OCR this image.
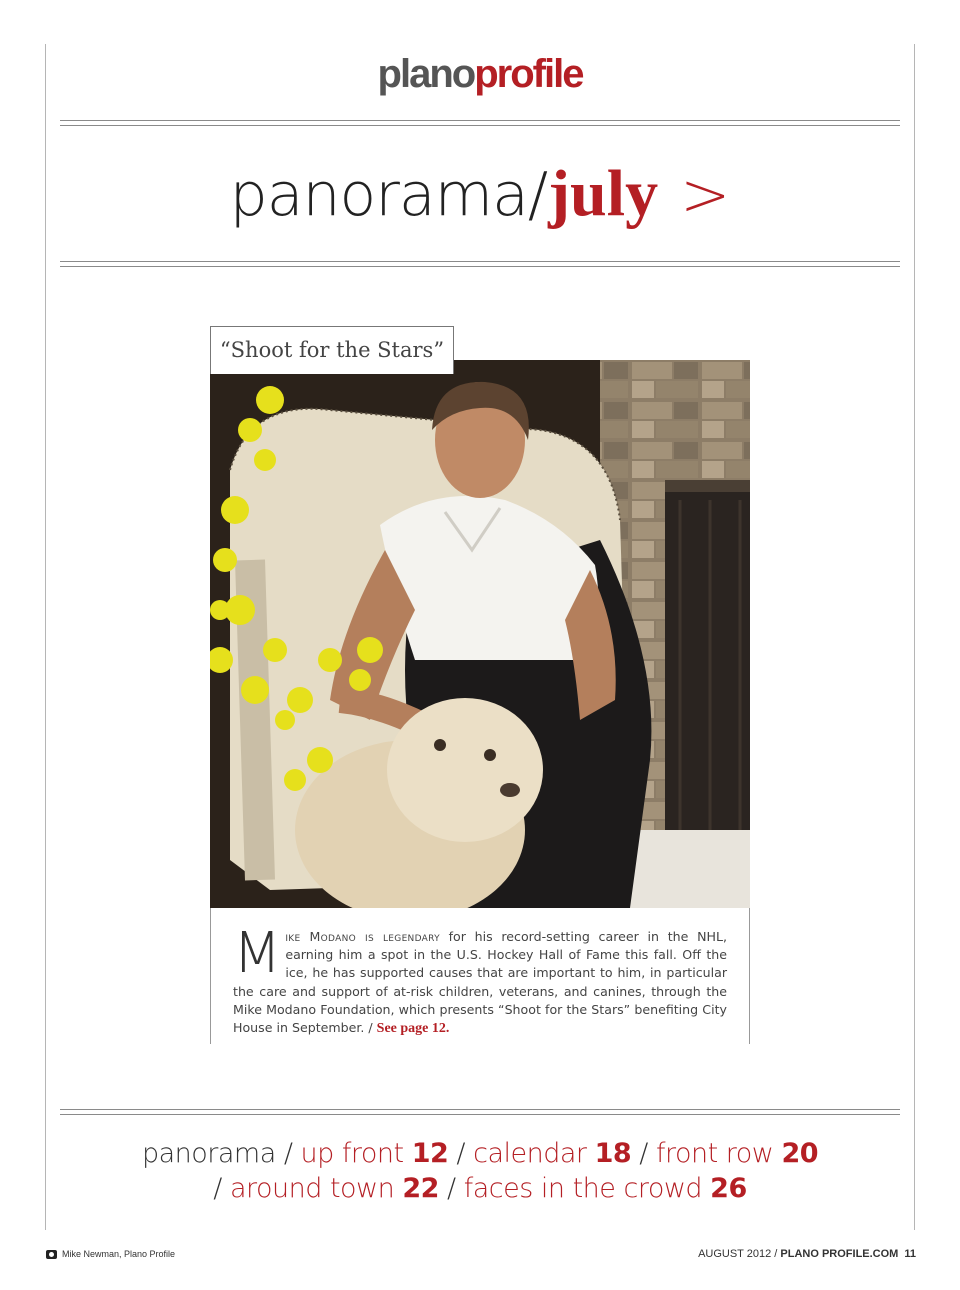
planoprofile
panorama/july >
“Shoot for the Stars”
M ike Modano is legendary for his record-setting career in the NHL, earning him a spot in the U.S. Hockey Hall of Fame this fall. Off the ice, he has supported causes that are important to him, in particular the care and support of at-risk children, veterans, and canines, through the Mike Modano Foundation, which presents “Shoot for the Stars” benefiting City House in September. / See page 12.

panorama / up front 12 / calendar 18 / front row 20
/ around town 22 / faces in the crowd 26
Mike Newman, Plano Profile	AUGUST 2012 / PLANO PROFILE.COM 11
